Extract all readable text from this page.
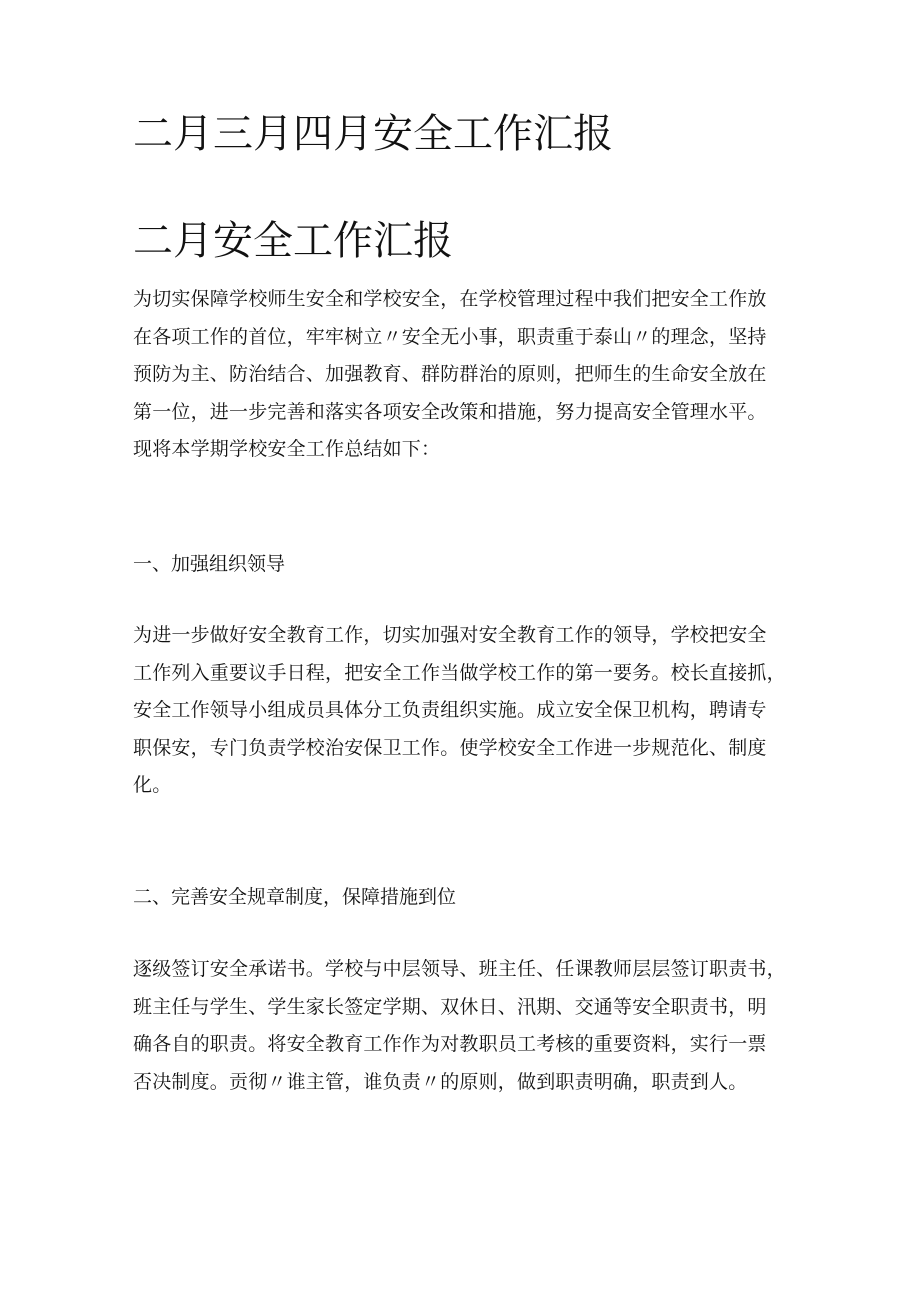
二月三月四月安全工作汇报
二月安全工作汇报
为切实保障学校师生安全和学校安全，在学校管理过程中我们把安全工作放
在各项工作的首位，牢牢树立〃安全无小事，职责重于泰山〃的理念，坚持
预防为主、防治结合、加强教育、群防群治的原则，把师生的生命安全放在
第一位，进一步完善和落实各项安全改策和措施，努力提高安全管理水平。
现将本学期学校安全工作总结如下：
一、加强组织领导
为进一步做好安全教育工作，切实加强对安全教育工作的领导，学校把安全
工作列入重要议手日程，把安全工作当做学校工作的第一要务。校长直接抓，
安全工作领导小组成员具体分工负责组织实施。成立安全保卫机构，聘请专
职保安，专门负责学校治安保卫工作。使学校安全工作进一步规范化、制度
化。
二、完善安全规章制度，保障措施到位
逐级签订安全承诺书。学校与中层领导、班主任、任课教师层层签订职责书，
班主任与学生、学生家长签定学期、双休日、汛期、交通等安全职责书，明
确各自的职责。将安全教育工作作为对教职员工考核的重要资料，实行一票
否决制度。贡彻〃谁主管，谁负责〃的原则，做到职责明确，职责到人。
